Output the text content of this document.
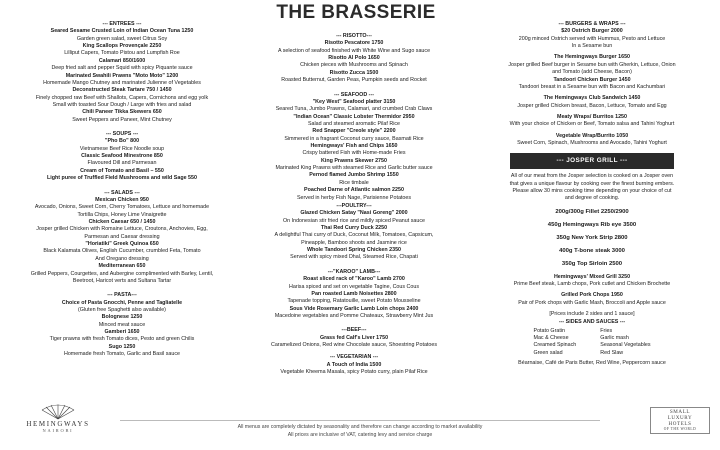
THE BRASSERIE
--- ENTREES ---
Seared Sesame Crusted Loin of Indian Ocean Tuna 1250
Garden green salad, sweet Citrus Soy
King Scallops Provençale 2250
Lilliput Capers, Tomato Pistou and Lumpfish Roe
Calamari 850/1600
Deep fried salt and pepper Squid with spicy Piquante sauce
Marinated Swahili Prawns "Moto Moto" 1200
Homemade Mango Chutney and marinated Julienne of Vegetables
Deconstructed Steak Tartare 750 / 1450
Finely chopped raw Beef with Shallots, Capers, Cornichons and egg yolk
Small with toasted Sour Dough / Large with fries and salad
Chili Paneer Tikka Skewers 650
Sweet Peppers and Paneer, Mint Chutney
--- SOUPS ---
"Pho Bo" 800
Vietnamese Beef Rice Noodle soup
Classic Seafood Minestrone 850
Flavoured Dill and Parmesan
Cream of Tomato and Basil – 550
Light puree of Truffled Field Mushrooms and wild Sage 550
--- SALADS ---
Mexican Chicken 950
Avocado, Onions, Sweet Corn, Cherry Tomatoes, Lettuce and homemade
Tortilla Chips, Honey Lime Vinaigrette
Chicken Caesar 650 / 1450
Josper grilled Chicken with Romaine Lettuce, Croutons, Anchovies, Egg,
Parmesan and Caesar dressing
"Horiatiki" Greek Quinoa 650
Black Kalamata Olives, English Cucumber, crumbled Feta, Tomato
And Oregano dressing
Mediterranean 650
Grilled Peppers, Courgettes, and Aubergine complimented with Barley, Lentil,
Beetroot, Haricot verts and Sultana Tartar
--- PASTA---
Choice of Pasta Gnocchi, Penne and Tagliatelle
(Gluten free Spaghetti also available)
Bolognese 1250
Minced meat sauce
Gamberi 1650
Tiger prawns with fresh Tomato dices, Pesto and green Chilis
Sugo 1250
Homemade fresh Tomato, Garlic and Basil sauce
--- RISOTTO---
Risotto Pescatore 1750
A selection of seafood finished with White Wine and Sugo sauce
Risotto Al Polo 1650
Chicken pieces with Mushrooms and Spinach
Risotto Zucca 1500
Roasted Butternut, Garden Peas, Pumpkin seeds and Rocket
--- SEAFOOD ---
"Key West" Seafood platter 3150
Seared Tuna, Jumbo Prawns, Calamari, and crumbed Crab Claws
"Indian Ocean" Classic Lobster Thermidor 2950
Salad and steamed aromatic Pilaf Rice
Red Snapper "Creole style" 2200
Simmered in a fragrant Coconut curry sauce, Basmati Rice
Hemingways' Fish and Chips 1650
Crispy battered Fish with Home-made Fries
King Prawns Skewer 2750
Marinated King Prawns with steamed Rice and Garlic butter sauce
Pernod flamed Jumbo Shrimp 1550
Rice timbale
Poached Darne of Atlantic salmon 2250
Served in herby Fish Nage, Parisienne Potatoes
---POULTRY---
Glazed Chicken Satay "Nasi Goreng" 2000
On Indonesian stir fried rice and mildly spiced Peanut sauce
Thai Red Curry Duck 2250
A delightful Thai curry of Duck, Coconut Milk, Tomatoes, Capsicum,
Pineapple, Bamboo shoots and Jasmine rice
Whole Tandoori Spring Chicken 2350
Served with spicy mixed Dhal, Steamed Rice, Chapati
---"KAROO" LAMB---
Roast sliced rack of "Karoo" Lamb 2700
Harisa spiced and set on vegetable Tagine, Cous Cous
Pan roasted Lamb Noisettes 2800
Tapenade topping, Ratatouille, sweet Potato Mousseline
Sous Vide Rosemary Garlic Lamb Loin chops 2400
Macedoine vegetables and Pomme Chateaux, Strawberry Mint Jus
---BEEF---
Grass fed Calf's Liver 1750
Caramelized Onions, Red wine Chocolate sauce, Shoestring Potatoes
--- VEGETARIAN ---
A Touch of India 1500
Vegetable Kheema Masala, spicy Potato curry, plain Pilaf Rice
--- BURGERS & WRAPS ---
$20 Ostrich Burger 2000
200g minced Ostrich served with Hummus, Pesto and Lettuce
In a Sesame bun
The Hemingways Burger 1650
Josper grilled Beef burger in Sesame bun with Gherkin, Lettuce, Onion
and Tomato (add Cheese, Bacon)
Tandoori Chicken Burger 1450
Tandoori breast in a Sesame bun with Bacon and Kachumbari
The Hemingways Club Sandwich 1450
Josper grilled Chicken breast, Bacon, Lettuce, Tomato and Egg
Meaty Wraps/ Burritos 1250
With your choice of Chicken or Beef, Tomato salsa and Tahini Yoghurt
Vegetable Wrap/Burrito 1050
Sweet Corn, Spinach, Mushrooms and Avocado, Tahini Yoghurt
--- JOSPER GRILL ---
All of our meat from the Josper selection is cooked on a Josper oven
that gives a unique flavour by cooking over the finest burning embers.
Please allow 30 mins cooking time depending on your choice of cut
and degree of cooking.
200g/300g Fillet 2250/2900
450g Hemingways Rib eye 3500
350g New York Strip 2800
400g T-bone steak 3000
350g Top Sirloin 2500
Hemingways' Mixed Grill 3250
Prime Beef steak, Lamb chops, Pork cutlet and Chicken Brochette
Grilled Pork Chops 1950
Pair of Pork chops with Garlic Mash, Broccoli and Apple sauce
[Prices include 2 sides and 1 sauce]
--- SIDES AND SAUCES ---
Potato Gratin
Mac & Cheese
Creamed Spinach
Green salad
Fries
Garlic mash
Seasonal Vegetables
Red Slaw
Béarnaise, Café de Paris Butter, Red Wine, Peppercorn sauce
All menus are completely dictated by seasonality and therefore can change according to market availability
All prices are inclusive of VAT, catering levy and service charge
HEMINGWAYS
NAIROBI
SMALL
LUXURY
HOTELS
OF THE WORLD
